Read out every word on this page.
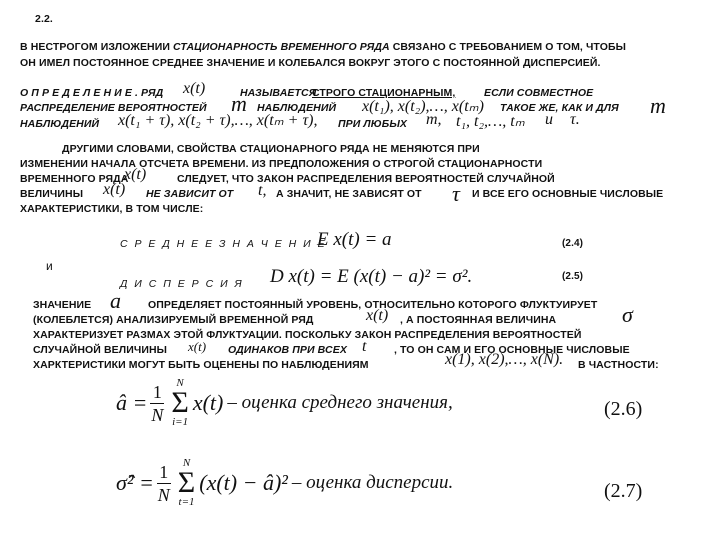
2.2.
В НЕСТРОГОМ ИЗЛОЖЕНИИ СТАЦИОНАРНОСТЬ ВРЕМЕННОГО РЯДА СВЯЗАНО С ТРЕБОВАНИЕМ О ТОМ, ЧТОБЫ
ОН ИМЕЛ ПОСТОЯННОЕ СРЕДНЕЕ ЗНАЧЕНИЕ И КОЛЕБАЛСЯ ВОКРУГ ЭТОГО С ПОСТОЯННОЙ ДИСПЕРСИЕЙ.
О П Р Е Д Е Л Е Н И Е . РЯД x(t)	НАЗЫВАЕТСЯ
СТРОГО СТАЦИОНАРНЫМ,	ЕСЛИ СОВМЕСТНОЕ
РАСПРЕДЕЛЕНИЕ ВЕРОЯТНОСТЕЙ m НАБЛЮДЕНИЙ x(t₁), x(t₂),…, x(tₘ) ТАКОЕ ЖЕ, КАК И ДЛЯ m
НАБЛЮДЕНИЙ x(t₁ + τ), x(t₂ + τ),…, x(tₘ + τ), ПРИ ЛЮБЫХ m, t₁, t₂,…, tₘ и τ.
ДРУГИМИ СЛОВАМИ, СВОЙСТВА СТАЦИОНАРНОГО РЯДА НЕ МЕНЯЮТСЯ ПРИ
ИЗМЕНЕНИИ НАЧАЛА ОТСЧЕТА ВРЕМЕНИ. ИЗ ПРЕДПОЛОЖЕНИЯ О СТРОГОЙ СТАЦИОНАРНОСТИ
ВРЕМЕННОГО РЯДА
x(t)	СЛЕДУЕТ, ЧТО ЗАКОН РАСПРЕДЕЛЕНИЯ ВЕРОЯТНОСТЕЙ СЛУЧАЙНОЙ
ВЕЛИЧИНЫ x(t) НЕ ЗАВИСИТ ОТ t, А ЗНАЧИТ, НЕ ЗАВИСЯТ ОТ τ И ВСЕ ЕГО ОСНОВНЫЕ ЧИСЛОВЫЕ
ХАРАКТЕРИСТИКИ, В ТОМ ЧИСЛЕ:
С Р Е Д Н Е Е З Н А Ч Е Н И Е
E x(t) = a	(2.4)
и
Д И С П Е Р С И Я D x(t) = E (x(t) − a)² = σ².	(2.5)
ЗНАЧЕНИЕ a	ОПРЕДЕЛЯЕТ ПОСТОЯННЫЙ УРОВЕНЬ, ОТНОСИТЕЛЬНО КОТОРОГО ФЛУКТУИРУЕТ
(КОЛЕБЛЕТСЯ) АНАЛИЗИРУЕМЫЙ ВРЕМЕННОЙ РЯД	x(t) , А ПОСТОЯННАЯ ВЕЛИЧИНА	σ
ХАРАКТЕРИЗУЕТ РАЗМАХ ЭТОЙ ФЛУКТУАЦИИ. ПОСКОЛЬКУ ЗАКОН РАСПРЕДЕЛЕНИЯ ВЕРОЯТНОСТЕЙ
СЛУЧАЙНОЙ ВЕЛИЧИНЫ x(t) ОДИНАКОВ ПРИ ВСЕХ t	, ТО ОН САМ И ЕГО ОСНОВНЫЕ ЧИСЛОВЫЕ
ХАРКТЕРИСТИКИ МОГУТ БЫТЬ ОЦЕНЕНЫ ПО НАБЛЮДЕНИЯМ	x(1), x(2),…, x(N). В ЧАСТНОСТИ:
â = $\frac{1}{N}$ N
Σ
i=1
x(t) – оценка среднего значения,	(2.6)
σ̂² = $\frac{1}{N}$ N
Σ
t=1
(x(t) − â)² – оценка дисперсии.	(2.7)
